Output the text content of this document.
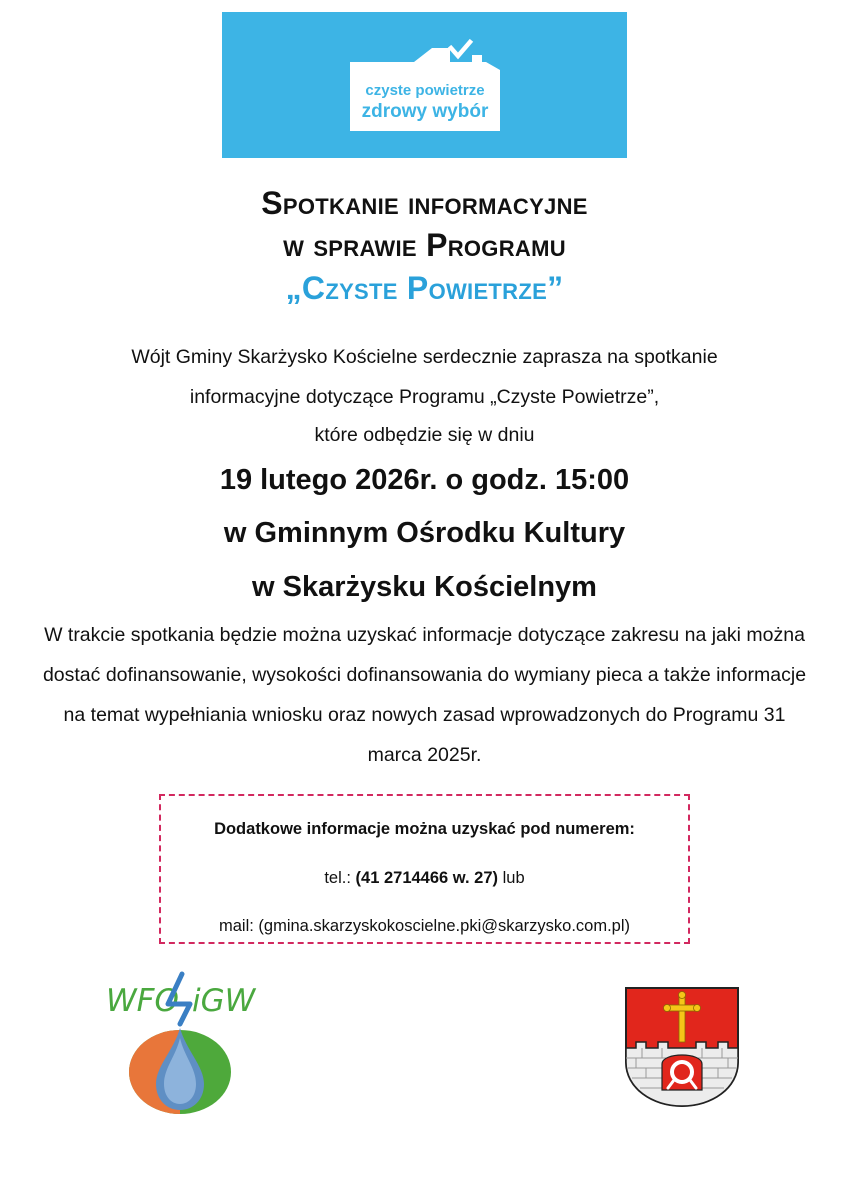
czyste powietrze
zdrowy wybór
Spotkanie informacyjne
w sprawie Programu
„Czyste Powietrze”
Wójt Gminy Skarżysko Kościelne serdecznie zaprasza na spotkanie
informacyjne dotyczące Programu „Czyste Powietrze”,
które odbędzie się w dniu
19 lutego 2026r. o godz. 15:00
w Gminnym Ośrodku Kultury
w Skarżysku Kościelnym
W trakcie spotkania będzie można uzyskać informacje dotyczące zakresu na jaki można dostać dofinansowanie, wysokości dofinansowania do wymiany pieca a także informacje na temat wypełniania wniosku oraz nowych zasad wprowadzonych do Programu 31 marca 2025r.
Dodatkowe informacje można uzyskać pod numerem:
tel.: (41 2714466 w. 27) lub
mail: (gmina.skarzyskokoscielne.pki@skarzysko.com.pl)
WFO iGW
